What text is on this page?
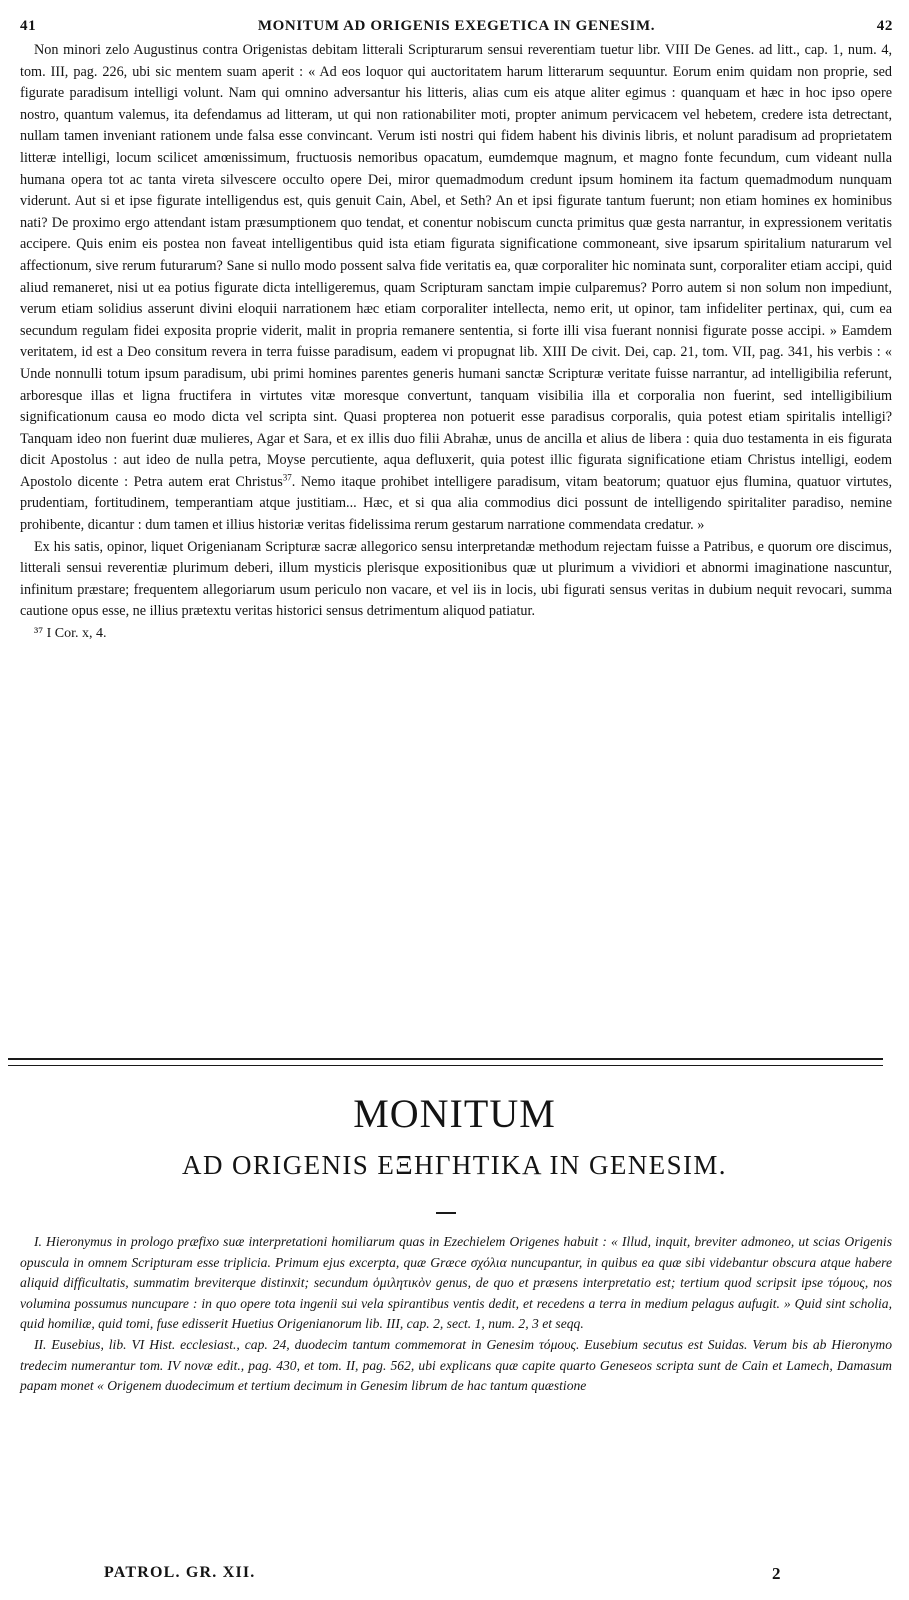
41	MONITUM AD ORIGENIS EXEGETICA IN GENESIM.	42

Non minori zelo Augustinus contra Origenistas debitam litterali Scripturarum sensui reverentiam tuetur libr. VIII De Genes. ad litt., cap. 1, num. 4, tom. III, pag. 226, ubi sic mentem suam aperit : « Ad eos loquor qui auctoritatem harum litterarum sequuntur. Eorum enim quidam non proprie, sed figurate paradisum intelligi volunt. Nam qui omnino adversantur his litteris, alias cum eis atque aliter egimus : quanquam et hæc in hoc ipso opere nostro, quantum valemus, ita defendamus ad litteram, ut qui non rationabiliter moti, propter animum pervicacem vel hebetem, credere ista detrectant, nullam tamen inveniant rationem unde falsa esse convincant. Verum isti nostri qui fidem habent his divinis libris, et nolunt paradisum ad proprietatem litteræ intelligi, locum scilicet amœnissimum, fructuosis nemoribus opacatum, eumdemque magnum, et magno fonte fecundum, cum videant nulla humana opera tot ac tanta vireta silvescere occulto opere Dei, miror quemadmodum credunt ipsum hominem ita factum quemadmodum nunquam viderunt. Aut si et ipse figurate intelligendus est, quis genuit Cain, Abel, et Seth? An et ipsi figurate tantum fuerunt; non etiam homines ex hominibus nati? De proximo ergo attendant istam præsumptionem quo tendat, et conentur nobiscum cuncta primitus quæ gesta narrantur, in expressionem veritatis accipere. Quis enim eis postea non faveat intelligentibus quid ista etiam figurata significatione commoneant, sive ipsarum spiritalium naturarum vel affectionum, sive rerum futurarum? Sane si nullo modo possent salva fide veritatis ea, quæ corporaliter hic nominata sunt, corporaliter etiam accipi, quid aliud remaneret, nisi ut ea potius figurate dicta intelligeremus, quam Scripturam sanctam impie culparemus? Porro autem si non solum non impediunt, verum etiam solidius asserunt divini eloquii narrationem hæc etiam corporaliter intellecta, nemo erit, ut opinor, tam infideliter pertinax, qui, cum ea secundum regulam fidei exposita proprie viderit, malit in propria remanere sententia, si forte illi visa fuerant nonnisi figurate posse accipi. » Eamdem veritatem, id est a Deo consitum revera in terra fuisse paradisum, eadem vi propugnat lib. XIII De civit. Dei, cap. 21, tom. VII, pag. 341, his verbis : « Unde nonnulli totum ipsum paradisum, ubi primi homines parentes generis humani sanctæ Scripturæ veritate fuisse narrantur, ad intelligibilia referunt, arboresque illas et ligna fructifera in virtutes vitæ moresque convertunt, tanquam visibilia illa et corporalia non fuerint, sed intelligibilium significationum causa eo modo dicta vel scripta sint. Quasi propterea non potuerit esse paradisus corporalis, quia potest etiam spiritalis intelligi? Tanquam ideo non fuerint duæ mulieres, Agar et Sara, et ex illis duo filii Abrahæ, unus de ancilla et alius de libera : quia duo testamenta in eis figurata dicit Apostolus : aut ideo de nulla petra, Moyse percutiente, aqua defluxerit, quia potest illic figurata significatione etiam Christus intelligi, eodem Apostolo dicente : Petra autem erat Christus$^{37}$. Nemo itaque prohibet intelligere paradisum, vitam beatorum; quatuor ejus flumina, quatuor virtutes, prudentiam, fortitudinem, temperantiam atque justitiam... Hæc, et si qua alia commodius dici possunt de intelligendo spiritaliter paradiso, nemine prohibente, dicantur : dum tamen et illius historiæ veritas fidelissima rerum gestarum narratione commendata credatur. »

Ex his satis, opinor, liquet Origenianam Scripturæ sacræ allegorico sensu interpretandæ methodum rejectam fuisse a Patribus, e quorum ore discimus, litterali sensui reverentiæ plurimum deberi, illum mysticis plerisque expositionibus quæ ut plurimum a vividiori et abnormi imaginatione nascuntur, infinitum præstare; frequentem allegoriarum usum periculo non vacare, et vel iis in locis, ubi figurati sensus veritas in dubium nequit revocari, summa cautione opus esse, ne illius prætextu veritas historici sensus detrimentum aliquod patiatur.

³⁷ I Cor. x, 4.

MONITUM
AD ORIGENIS ΕΞΗΓΗΤΙΚΑ IN GENESIM.

I. Hieronymus in prologo præfixo suæ interpretationi homiliarum quas in Ezechielem Origenes habuit : « Illud, inquit, breviter admoneo, ut scias Origenis opuscula in omnem Scripturam esse triplicia. Primum ejus excerpta, quæ Græce σχόλια nuncupantur, in quibus ea quæ sibi videbantur obscura atque habere aliquid difficultatis, summatim breviterque distinxit; secundum ὁμιλητικὸν genus, de quo et præsens interpretatio est; tertium quod scripsit ipse τόμους, nos volumina possumus nuncupare : in quo opere tota ingenii sui vela spirantibus ventis dedit, et recedens a terra in medium pelagus aufugit. » Quid sint scholia, quid homiliæ, quid tomi, fuse edisserit Huetius Origenianorum lib. III, cap. 2, sect. 1, num. 2, 3 et seqq.

II. Eusebius, lib. VI Hist. ecclesiast., cap. 24, duodecim tantum commemorat in Genesim τόμους. Eusebium secutus est Suidas. Verum bis ab Hieronymo tredecim numerantur tom. IV novæ edit., pag. 430, et tom. II, pag. 562, ubi explicans quæ capite quarto Geneseos scripta sunt de Cain et Lamech, Damasum papam monet « Origenem duodecimum et tertium decimum in Genesim librum de hac tantum quæstione

PATROL. GR. XII.	2
